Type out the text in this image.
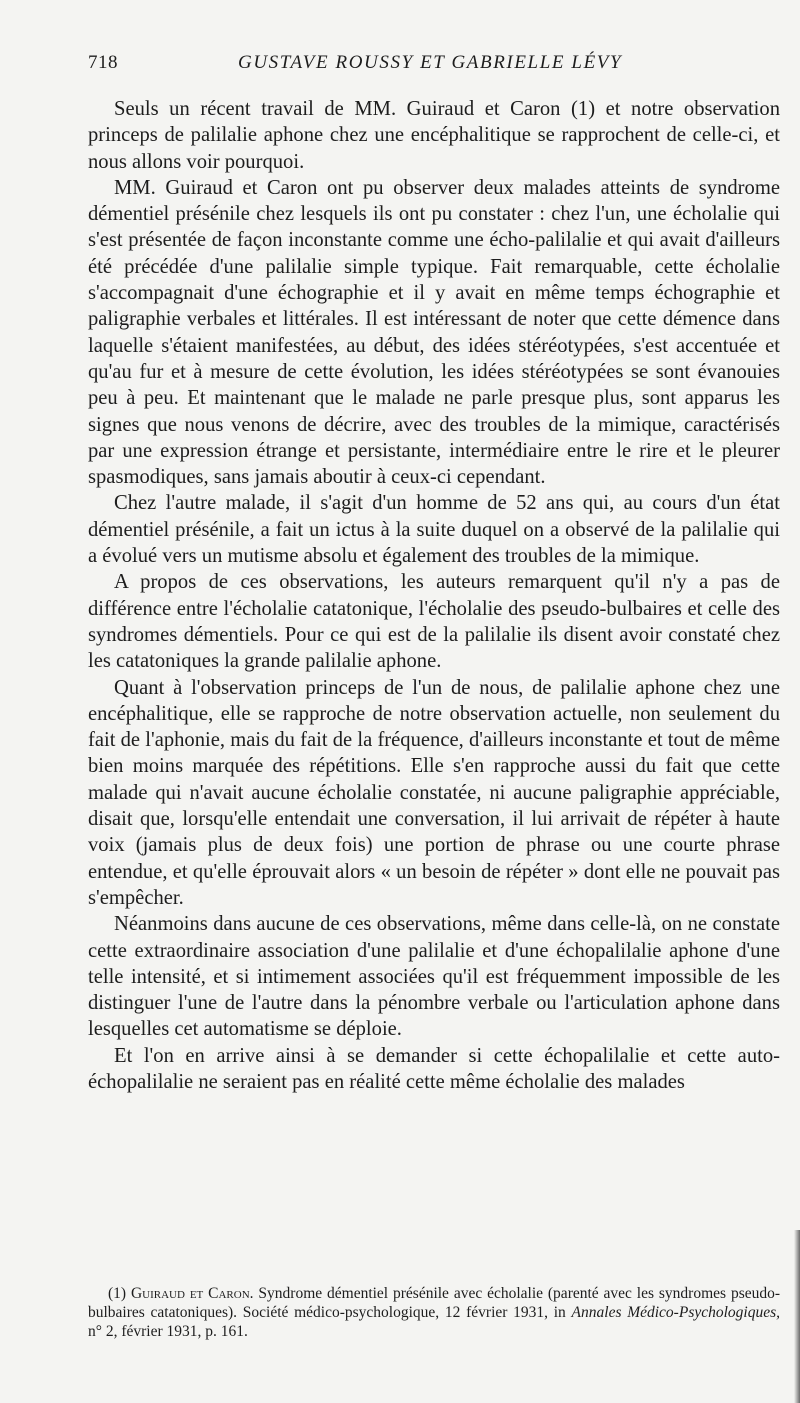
718	GUSTAVE ROUSSY ET GABRIELLE LÉVY

Seuls un récent travail de MM. Guiraud et Caron (1) et notre observation princeps de palilalie aphone chez une encéphalitique se rapprochent de celle-ci, et nous allons voir pourquoi.

MM. Guiraud et Caron ont pu observer deux malades atteints de syndrome démentiel présénile chez lesquels ils ont pu constater : chez l'un, une écholalie qui s'est présentée de façon inconstante comme une écho-palilalie et qui avait d'ailleurs été précédée d'une palilalie simple typique. Fait remarquable, cette écholalie s'accompagnait d'une échographie et il y avait en même temps échographie et paligraphie verbales et littérales. Il est intéressant de noter que cette démence dans laquelle s'étaient manifestées, au début, des idées stéréotypées, s'est accentuée et qu'au fur et à mesure de cette évolution, les idées stéréotypées se sont évanouies peu à peu. Et maintenant que le malade ne parle presque plus, sont apparus les signes que nous venons de décrire, avec des troubles de la mimique, caractérisés par une expression étrange et persistante, intermédiaire entre le rire et le pleurer spasmodiques, sans jamais aboutir à ceux-ci cependant.

Chez l'autre malade, il s'agit d'un homme de 52 ans qui, au cours d'un état démentiel présénile, a fait un ictus à la suite duquel on a observé de la palilalie qui a évolué vers un mutisme absolu et également des troubles de la mimique.

A propos de ces observations, les auteurs remarquent qu'il n'y a pas de différence entre l'écholalie catatonique, l'écholalie des pseudo-bulbaires et celle des syndromes démentiels. Pour ce qui est de la palilalie ils disent avoir constaté chez les catatoniques la grande palilalie aphone.

Quant à l'observation princeps de l'un de nous, de palilalie aphone chez une encéphalitique, elle se rapproche de notre observation actuelle, non seulement du fait de l'aphonie, mais du fait de la fréquence, d'ailleurs inconstante et tout de même bien moins marquée des répétitions. Elle s'en rapproche aussi du fait que cette malade qui n'avait aucune écholalie constatée, ni aucune paligraphie appréciable, disait que, lorsqu'elle entendait une conversation, il lui arrivait de répéter à haute voix (jamais plus de deux fois) une portion de phrase ou une courte phrase entendue, et qu'elle éprouvait alors « un besoin de répéter » dont elle ne pouvait pas s'empêcher.

Néanmoins dans aucune de ces observations, même dans celle-là, on ne constate cette extraordinaire association d'une palilalie et d'une échopalilalie aphone d'une telle intensité, et si intimement associées qu'il est fréquemment impossible de les distinguer l'une de l'autre dans la pénombre verbale ou l'articulation aphone dans lesquelles cet automatisme se déploie.

Et l'on en arrive ainsi à se demander si cette échopalilalie et cette auto-échopalilalie ne seraient pas en réalité cette même écholalie des malades

(1) Guiraud et Caron. Syndrome démentiel présénile avec écholalie (parenté avec les syndromes pseudo-bulbaires catatoniques). Société médico-psychologique, 12 février 1931, in Annales Médico-Psychologiques, n° 2, février 1931, p. 161.
